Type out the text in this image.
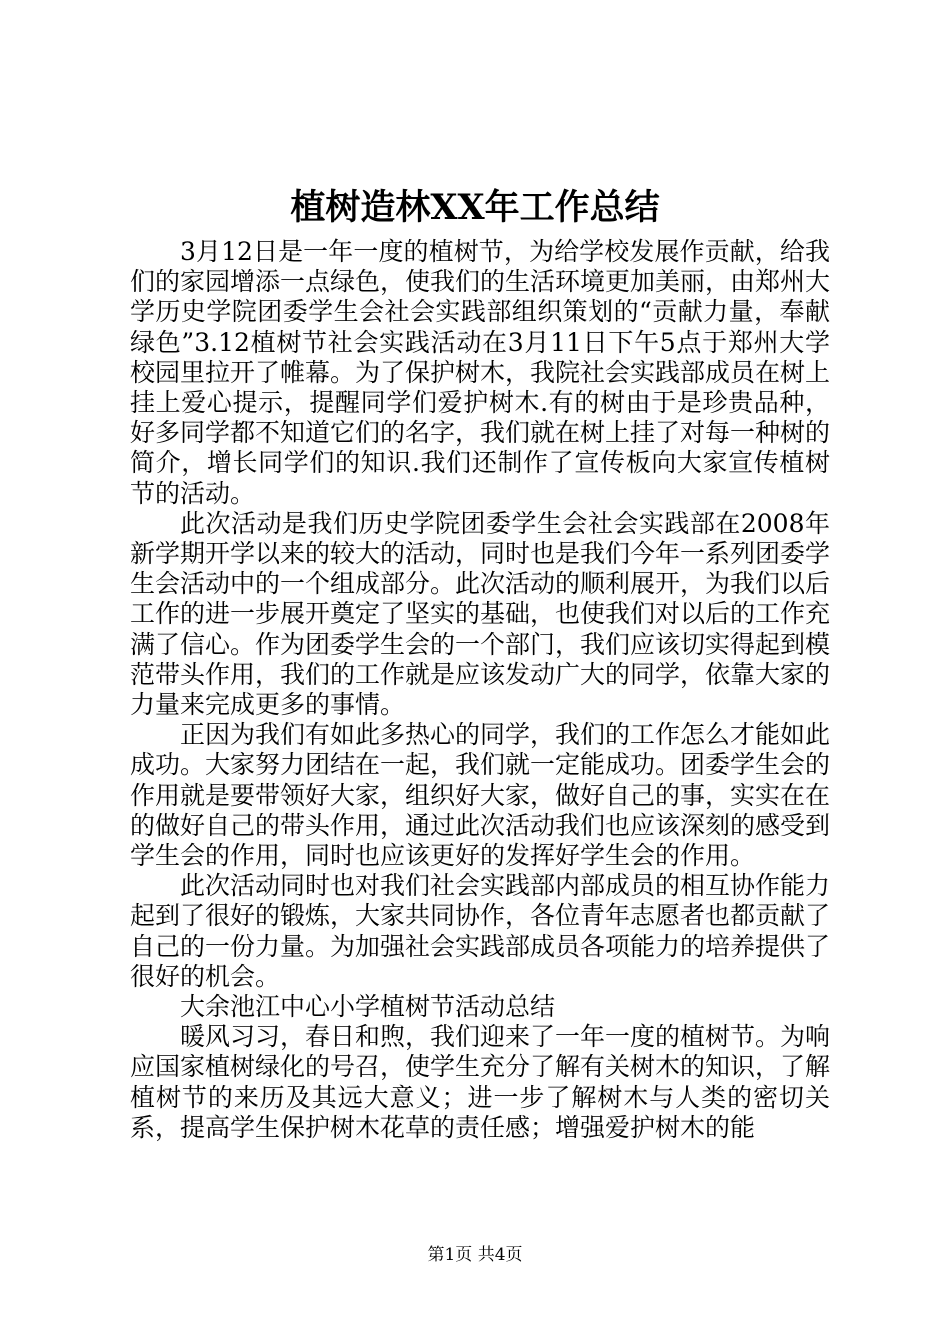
植树造林XX年工作总结

3月12日是一年一度的植树节，为给学校发展作贡献，给我们的家园增添一点绿色，使我们的生活环境更加美丽，由郑州大学历史学院团委学生会社会实践部组织策划的“贡献力量，奉献绿色”3.12植树节社会实践活动在3月11日下午5点于郑州大学校园里拉开了帷幕。为了保护树木，我院社会实践部成员在树上挂上爱心提示，提醒同学们爱护树木.有的树由于是珍贵品种，好多同学都不知道它们的名字，我们就在树上挂了对每一种树的简介，增长同学们的知识.我们还制作了宣传板向大家宣传植树节的活动。

此次活动是我们历史学院团委学生会社会实践部在2008年新学期开学以来的较大的活动，同时也是我们今年一系列团委学生会活动中的一个组成部分。此次活动的顺利展开，为我们以后工作的进一步展开奠定了坚实的基础，也使我们对以后的工作充满了信心。作为团委学生会的一个部门，我们应该切实得起到模范带头作用，我们的工作就是应该发动广大的同学，依靠大家的力量来完成更多的事情。

正因为我们有如此多热心的同学，我们的工作怎么才能如此成功。大家努力团结在一起，我们就一定能成功。团委学生会的作用就是要带领好大家，组织好大家，做好自己的事，实实在在的做好自己的带头作用，通过此次活动我们也应该深刻的感受到学生会的作用，同时也应该更好的发挥好学生会的作用。

此次活动同时也对我们社会实践部内部成员的相互协作能力起到了很好的锻炼，大家共同协作，各位青年志愿者也都贡献了自己的一份力量。为加强社会实践部成员各项能力的培养提供了很好的机会。

大余池江中心小学植树节活动总结

暖风习习，春日和煦，我们迎来了一年一度的植树节。为响应国家植树绿化的号召，使学生充分了解有关树木的知识，了解植树节的来历及其远大意义；进一步了解树木与人类的密切关系，提高学生保护树木花草的责任感；增强爱护树木的能

第1页 共4页
